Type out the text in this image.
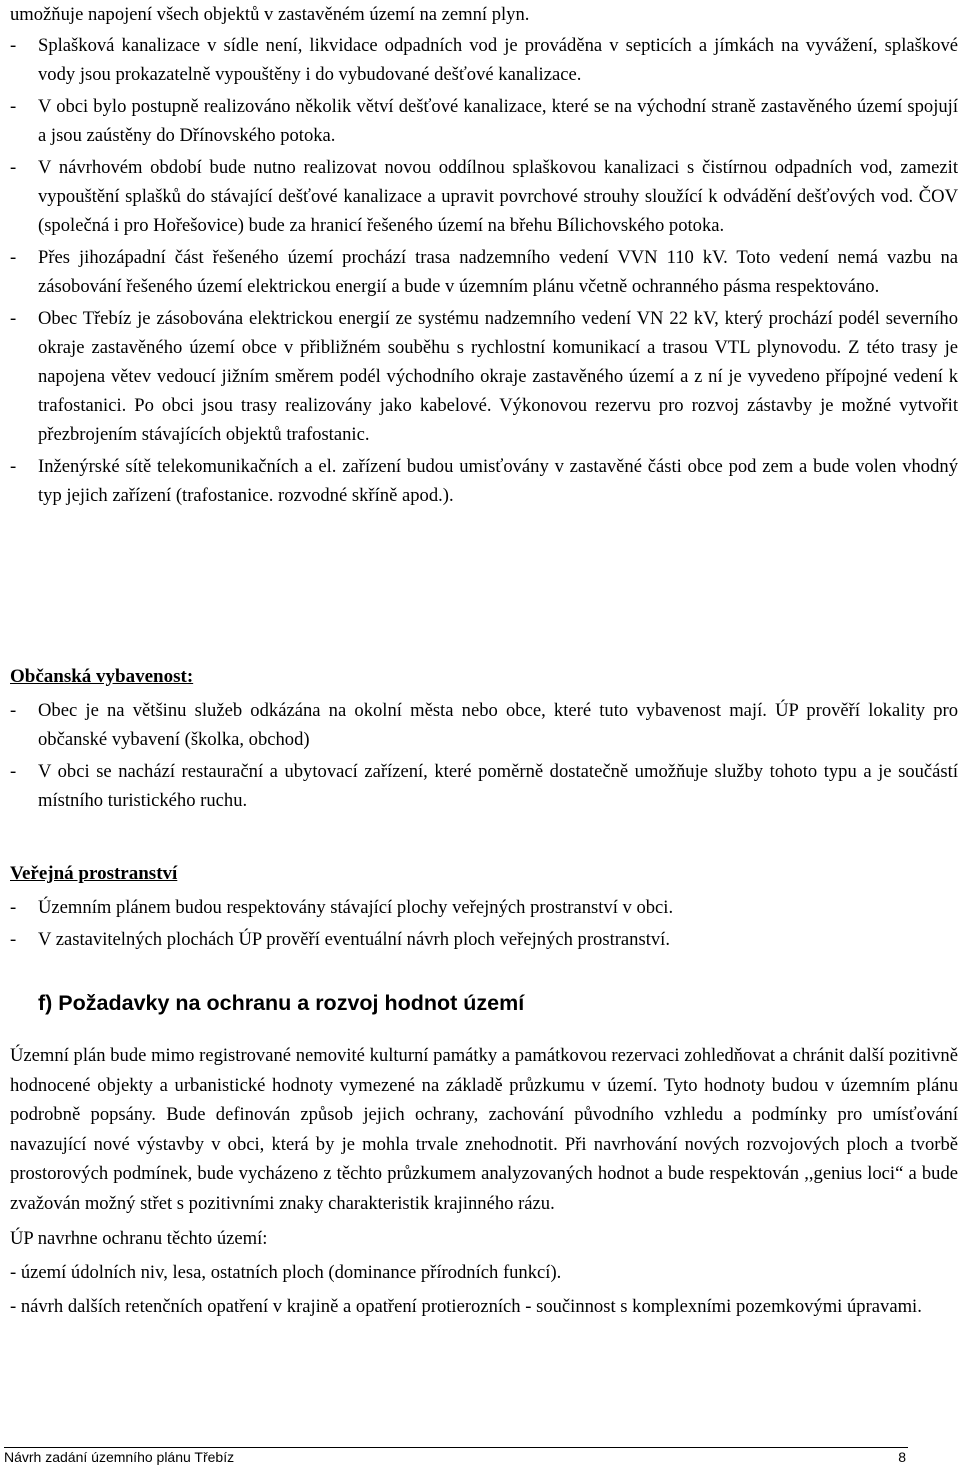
umožňuje napojení všech objektů v zastavěném území na zemní plyn.

- Splašková kanalizace v sídle není, likvidace odpadních vod je prováděna v septicích a jímkách na vyvážení, splaškové vody jsou prokazatelně vypouštěny i do vybudované dešťové kanalizace.
- V obci bylo postupně realizováno několik větví dešťové kanalizace, které se na východní straně zastavěného území spojují a jsou zaústěny do Dřínovského potoka.
- V návrhovém období bude nutno realizovat novou oddílnou splaškovou kanalizaci s čistírnou odpadních vod, zamezit vypouštění splašků do stávající dešťové kanalizace a upravit povrchové strouhy sloužící k odvádění dešťových vod. ČOV (společná i pro Hořešovice) bude za hranicí řešeného území na břehu Bílichovského potoka.
- Přes jihozápadní část řešeného území prochází trasa nadzemního vedení VVN 110 kV. Toto vedení nemá vazbu na zásobování řešeného území elektrickou energií a bude v územním plánu včetně ochranného pásma respektováno.
- Obec Třebíz je zásobována elektrickou energií ze systému nadzemního vedení VN 22 kV, který prochází podél severního okraje zastavěného území obce v přibližném souběhu s rychlostní komunikací a trasou VTL plynovodu. Z této trasy je napojena větev vedoucí jižním směrem podél východního okraje zastavěného území a z ní je vyvedeno přípojné vedení k trafostanici. Po obci jsou trasy realizovány jako kabelové. Výkonovou rezervu pro rozvoj zástavby je možné vytvořit přezbrojením stávajících objektů trafostanic.
- Inženýrské sítě telekomunikačních a el. zařízení budou umisťovány v zastavěné části obce pod zem a bude volen vhodný typ jejich zařízení (trafostanice. rozvodné skříně apod.).

Občanská vybavenost:

- Obec je na většinu služeb odkázána na okolní města nebo obce, které tuto vybavenost mají. ÚP prověří lokality pro občanské vybavení (školka, obchod)
- V obci se nachází restaurační a ubytovací zařízení, které poměrně dostatečně umožňuje služby tohoto typu a je součástí místního turistického ruchu.

Veřejná prostranství

- Územním plánem budou respektovány stávající plochy veřejných prostranství v obci.
- V zastavitelných plochách ÚP prověří eventuální návrh ploch veřejných prostranství.

f) Požadavky na ochranu a rozvoj hodnot území

Územní plán bude mimo registrované nemovité kulturní památky a památkovou rezervaci zohledňovat a chránit další pozitivně hodnocené objekty a urbanistické hodnoty vymezené na základě průzkumu v území. Tyto hodnoty budou v územním plánu podrobně popsány. Bude definován způsob jejich ochrany, zachování původního vzhledu a podmínky pro umísťování navazující nové výstavby v obci, která by je mohla trvale znehodnotit. Při navrhování nových rozvojových ploch a tvorbě prostorových podmínek, bude vycházeno z těchto průzkumem analyzovaných hodnot a bude respektován ,,genius loci“ a bude zvažován možný střet s pozitivními znaky charakteristik krajinného rázu.

ÚP navrhne ochranu těchto území:

- území údolních niv, lesa, ostatních ploch (dominance přírodních funkcí).

- návrh dalších retenčních opatření v krajině a opatření protierozních - součinnost s komplexními pozemkovými úpravami.

Návrh zadání územního plánu Třebíz	8
